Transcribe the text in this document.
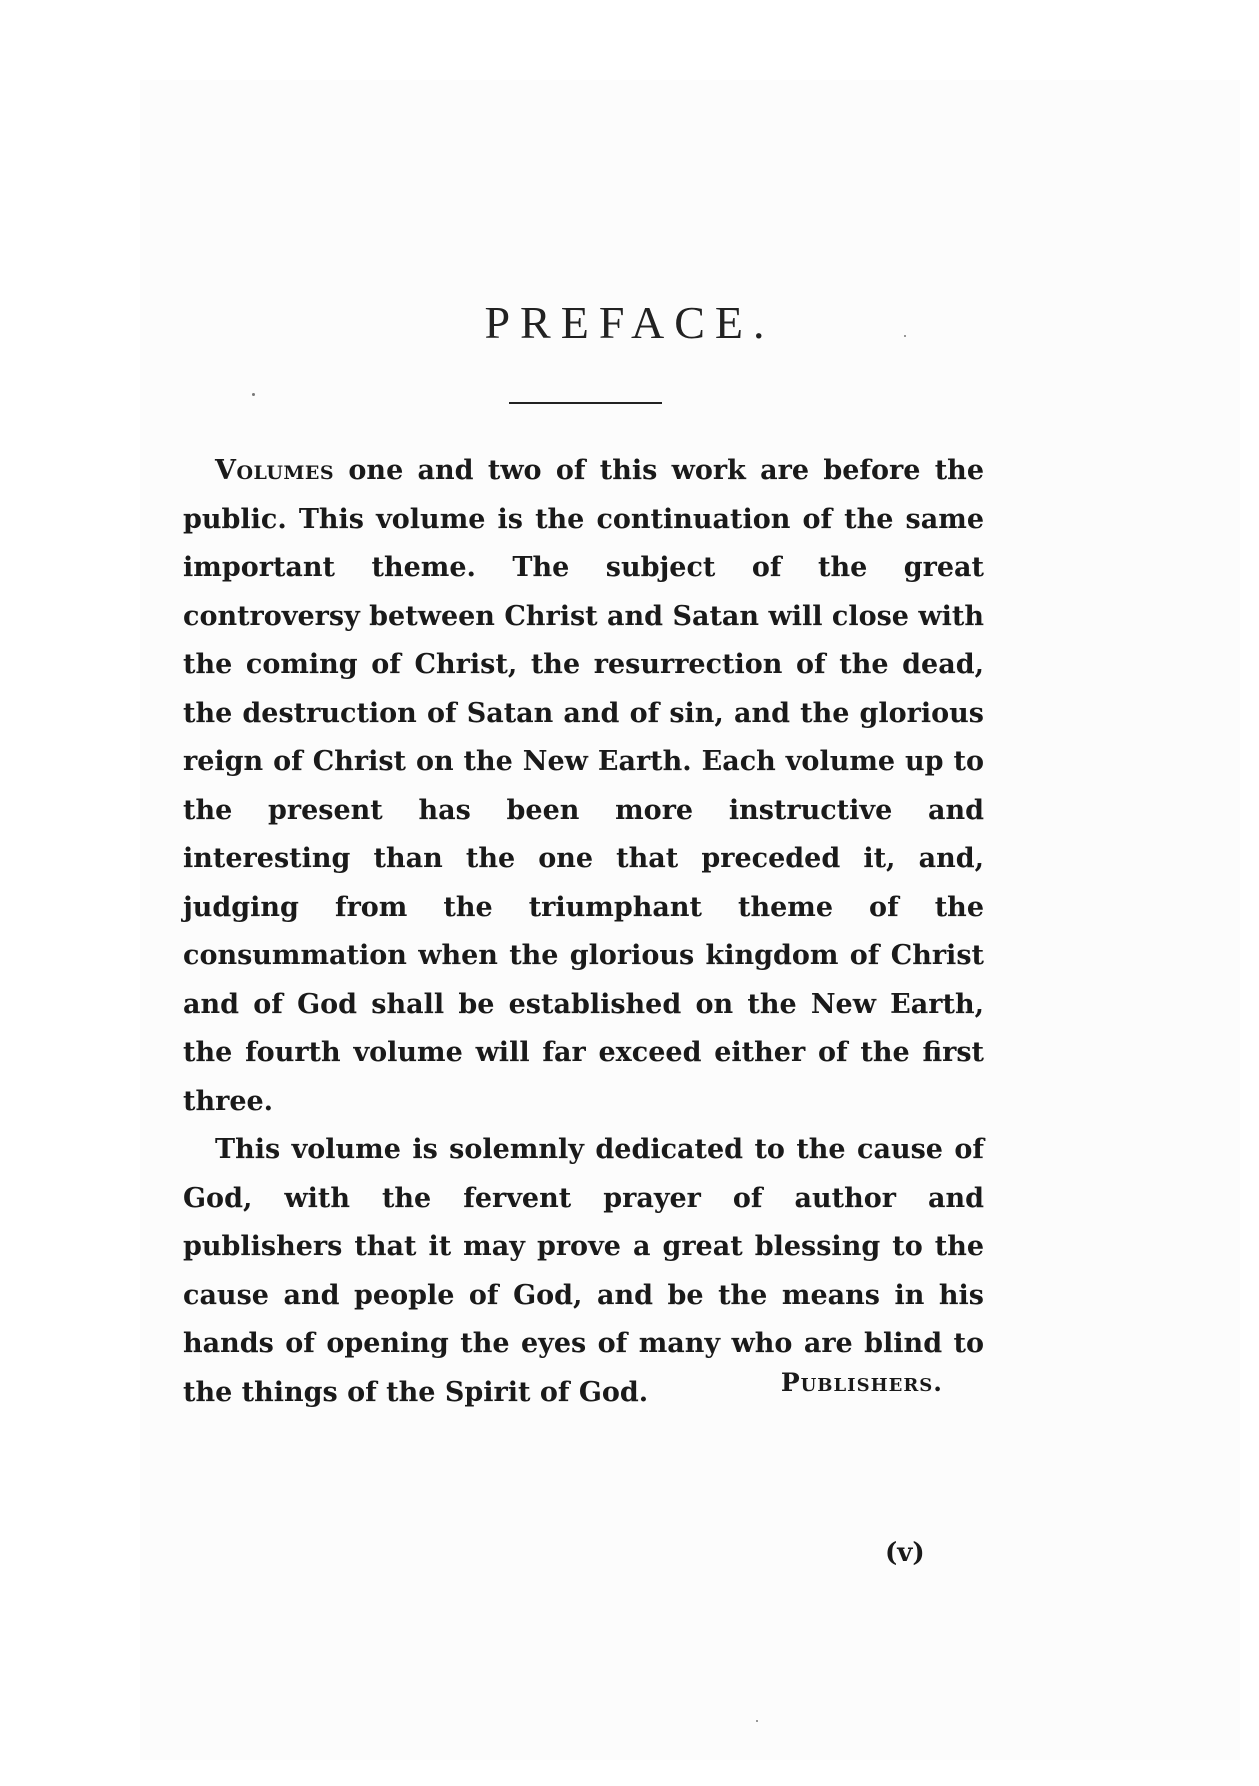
PREFACE.

Volumes one and two of this work are before the public. This volume is the continuation of the same important theme. The subject of the great controversy between Christ and Satan will close with the coming of Christ, the resurrection of the dead, the destruction of Satan and of sin, and the glorious reign of Christ on the New Earth. Each volume up to the present has been more instructive and interesting than the one that preceded it, and, judging from the triumphant theme of the consummation when the glorious kingdom of Christ and of God shall be established on the New Earth, the fourth volume will far exceed either of the first three.

This volume is solemnly dedicated to the cause of God, with the fervent prayer of author and publishers that it may prove a great blessing to the cause and people of God, and be the means in his hands of opening the eyes of many who are blind to the things of the Spirit of God.	Publishers.
(v)
